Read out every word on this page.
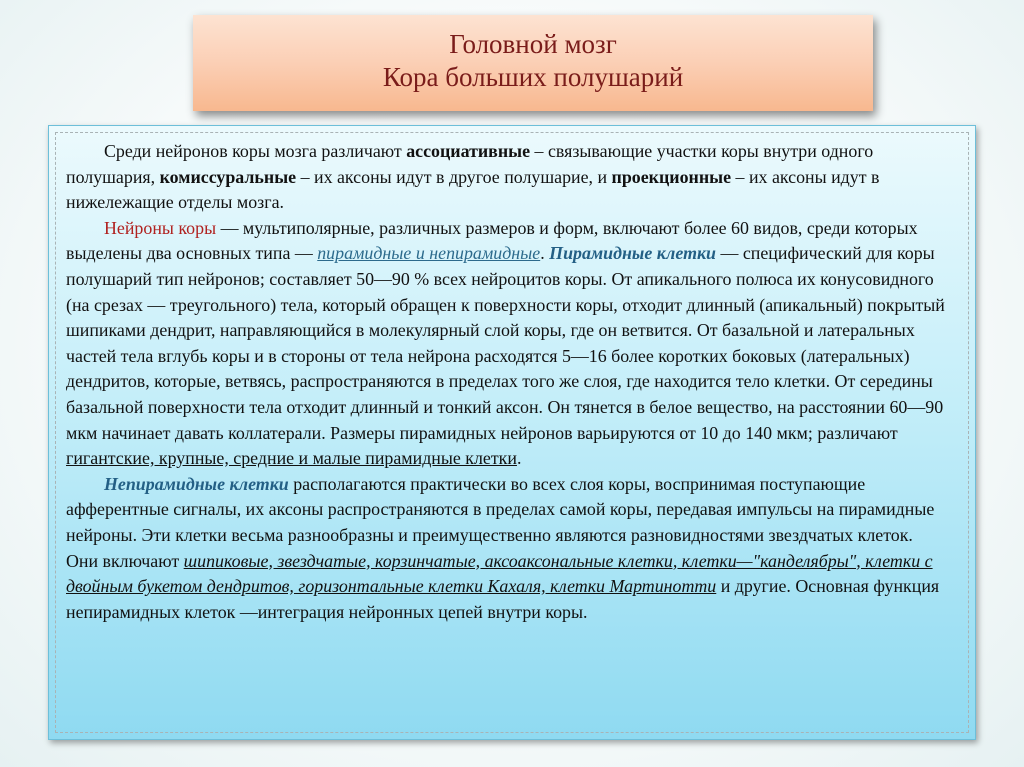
Головной мозг
Кора больших полушарий

Среди нейронов коры мозга различают ассоциативные – связывающие участки коры внутри одного полушария, комиссуральные – их аксоны идут в другое полушарие, и проекционные – их аксоны идут в нижележащие отделы мозга.

Нейроны коры — мультиполярные, различных размеров и форм, включают более 60 видов, среди которых выделены два основных типа — пирамидные и непирамидные. Пирамидные клетки — специфический для коры полушарий тип нейронов; составляет 50—90 % всех нейроцитов коры. От апикального полюса их конусовидного (на срезах — треугольного) тела, который обращен к поверхности коры, отходит длинный (апикальный) покрытый шипиками дендрит, направляющийся в молекулярный слой коры, где он ветвится. От базальной и латеральных частей тела вглубь коры и в стороны от тела нейрона расходятся 5—16 более коротких боковых (латеральных) дендритов, которые, ветвясь, распространяются в пределах того же слоя, где находится тело клетки. От середины базальной поверхности тела отходит длинный и тонкий аксон. Он тянется в белое вещество, на расстоянии 60—90 мкм начинает давать коллатерали. Размеры пирамидных нейронов варьируются от 10 до 140 мкм; различают гигантские, крупные, средние и малые пирамидные клетки.

Непирамидные клетки располагаются практически во всех слоя коры, воспринимая поступающие афферентные сигналы, их аксоны распространяются в пределах самой коры, передавая импульсы на пирамидные нейроны. Эти клетки весьма разнообразны и преимущественно являются разновидностями звездчатых клеток. Они включают шипиковые, звездчатые, корзинчатые, аксоаксональные клетки, клетки—"канделябры", клетки с двойным букетом дендритов, горизонтальные клетки Кахаля, клетки Мартинотти и другие. Основная функция непирамидных клеток —интеграция нейронных цепей внутри коры.
